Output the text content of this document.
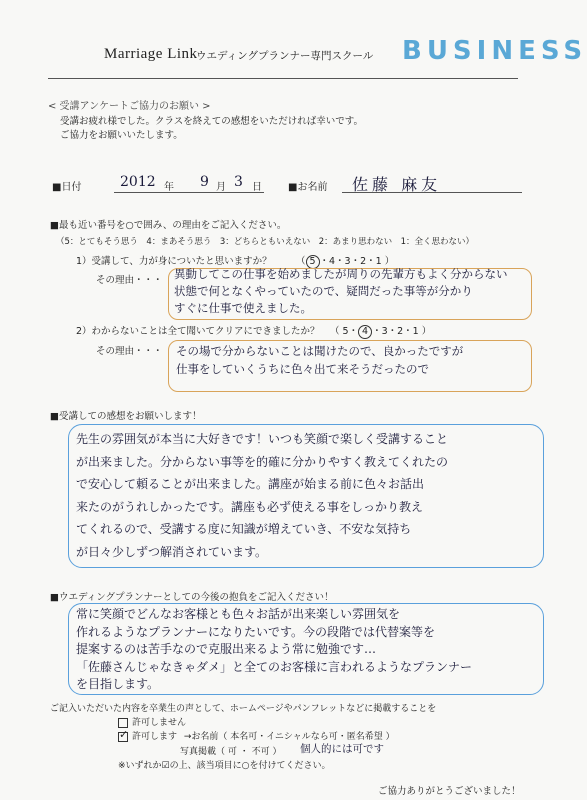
Marriage Link
ウエディングプランナー専門スクール BUSINESS
< 受講アンケートご協力のお願い >
受講お疲れ様でした。クラスを終えての感想をいただければ幸いです。
ご協力をお願いいたします。
■日付	2012 年 9 月 3 日	■お名前 佐藤 麻友
■最も近い番号を○で囲み、の理由をご記入ください。
（5：とてもそう思う　4：まあそう思う　3：どちらともいえない　2：あまり思わない　1：全く思わない）
1）受講して、力が身についたと思いますか？	（ 5 ・4・3・2・1 ）
その理由・・・ 異動してこの仕事を始めましたが周りの先輩方もよく分からない
状態で何となくやっていたので、疑問だった事等が分かり
すぐに仕事で使えました。
2）わからないことは全て聞いてクリアにできましたか？ （ 5・ 4 ・3・2・1 ）
その理由・・・ その場で分からないことは聞けたので、良かったですが
仕事をしていくうちに色々出て来そうだったので
■受講しての感想をお願いします！
先生の雰囲気が本当に大好きです！いつも笑顔で楽しく受講すること
が出来ました。分からない事等を的確に分かりやすく教えてくれたの
で安心して頼ることが出来ました。講座が始まる前に色々お話出
来たのがうれしかったです。講座も必ず使える事をしっかり教え
てくれるので、受講する度に知識が増えていき、不安な気持ち
が日々少しずつ解消されています。
■ウエディングプランナーとしての今後の抱負をご記入ください！
常に笑顔でどんなお客様とも色々お話が出来楽しい雰囲気を
作れるようなプランナーになりたいです。今の段階では代替案等を
提案するのは苦手なので克服出来るよう常に勉強です…
「佐藤さんじゃなきゃダメ」と全てのお客様に言われるようなプランナー
を目指します。
ご記入いただいた内容を卒業生の声として、ホームページやパンフレットなどに掲載することを
許可しません
✓ 許可します →お名前（ 本名可・イニシャルなら可・匿名希望 ）
写真掲載（ 可 ・ 不可 ） 個人的には可です
※いずれか☑の上、該当項目に○を付けてください。
ご協力ありがとうございました！
